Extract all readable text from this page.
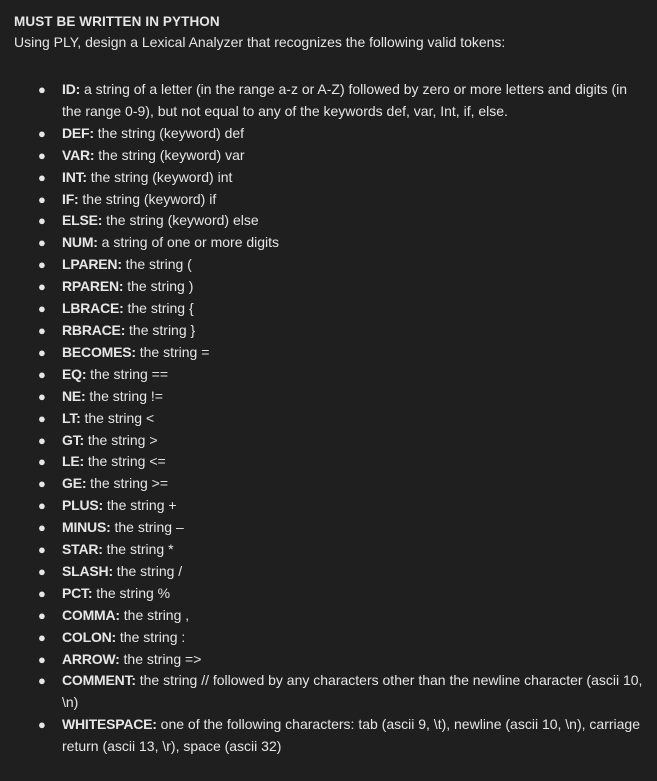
MUST BE WRITTEN IN PYTHON
Using PLY, design a Lexical Analyzer that recognizes the following valid tokens:
● ID: a string of a letter (in the range a-z or A-Z) followed by zero or more letters and digits (in the range 0-9), but not equal to any of the keywords def, var, Int, if, else.
● DEF: the string (keyword) def
● VAR: the string (keyword) var
● INT: the string (keyword) int
● IF: the string (keyword) if
● ELSE: the string (keyword) else
● NUM: a string of one or more digits
● LPAREN: the string (
● RPAREN: the string )
● LBRACE: the string {
● RBRACE: the string }
● BECOMES: the string =
● EQ: the string ==
● NE: the string !=
● LT: the string <
● GT: the string >
● LE: the string <=
● GE: the string >=
● PLUS: the string +
● MINUS: the string –
● STAR: the string *
● SLASH: the string /
● PCT: the string %
● COMMA: the string ,
● COLON: the string :
● ARROW: the string =>
● COMMENT: the string // followed by any characters other than the newline character (ascii 10, \n)
● WHITESPACE: one of the following characters: tab (ascii 9, \t), newline (ascii 10, \n), carriage return (ascii 13, \r), space (ascii 32)
